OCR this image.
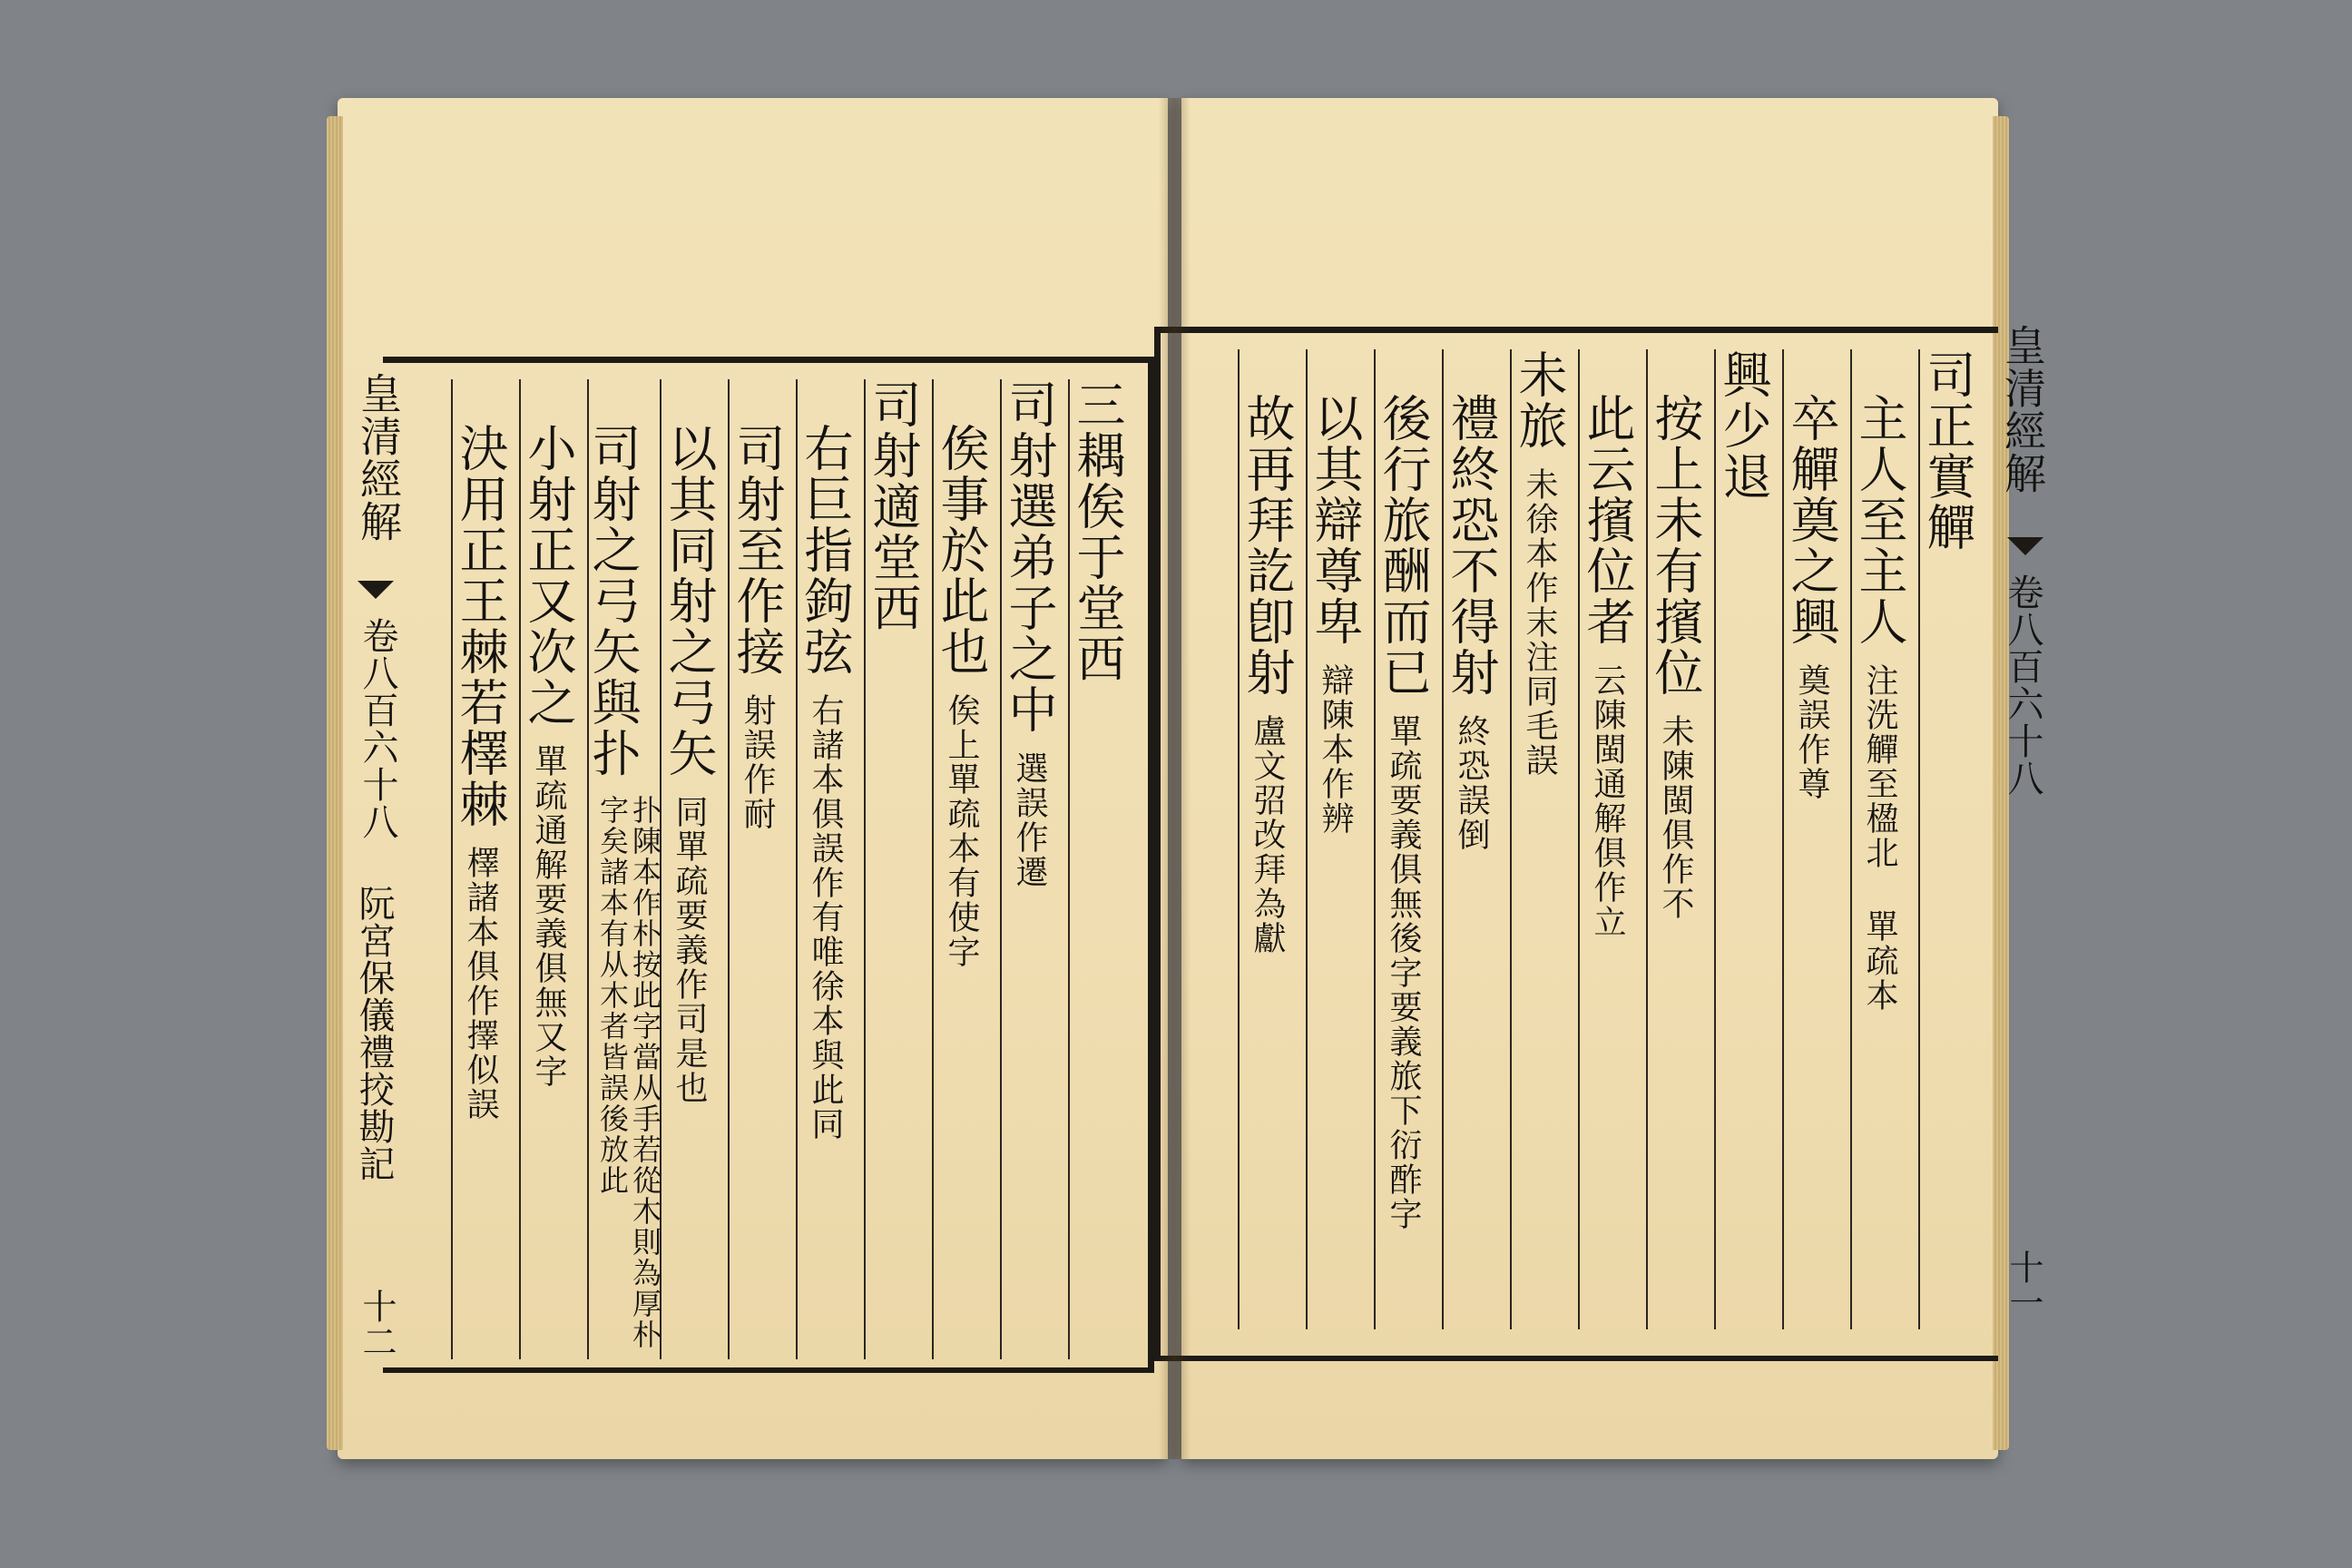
皇清經解
卷八百六十八
阮宮保儀禮挍勘記
十二
三耦俟于堂西
司射選弟子之中選誤作遷
俟事於此也俟上單疏本有使字
司射適堂西
右巨指鉤弦右諸本俱誤作有唯徐本與此同
司射至作接射誤作耐
以其同射之弓矢同單疏要義作司是也
司射之弓矢與扑扑陳本作朴按此字當从手若從木則為厚朴字矣諸本有从木者皆誤後放此
小射正又次之單疏通解要義俱無又字
決用正王棘若檡棘檡諸本俱作擇似誤
皇清經解
卷八百六十八
十一
司正實觶
主人至主人注洗觶至楹北 單疏本
卒觶奠之興奠誤作尊
興少退
按上未有擯位未陳閩俱作不
此云擯位者云陳閩通解俱作立
未旅未徐本作末注同毛誤
禮終恐不得射終恐誤倒
後行旅酬而已單疏要義俱無後字要義旅下衍酢字
以其辯尊卑辯陳本作辨
故再拜訖卽射盧文弨改拜為獻
